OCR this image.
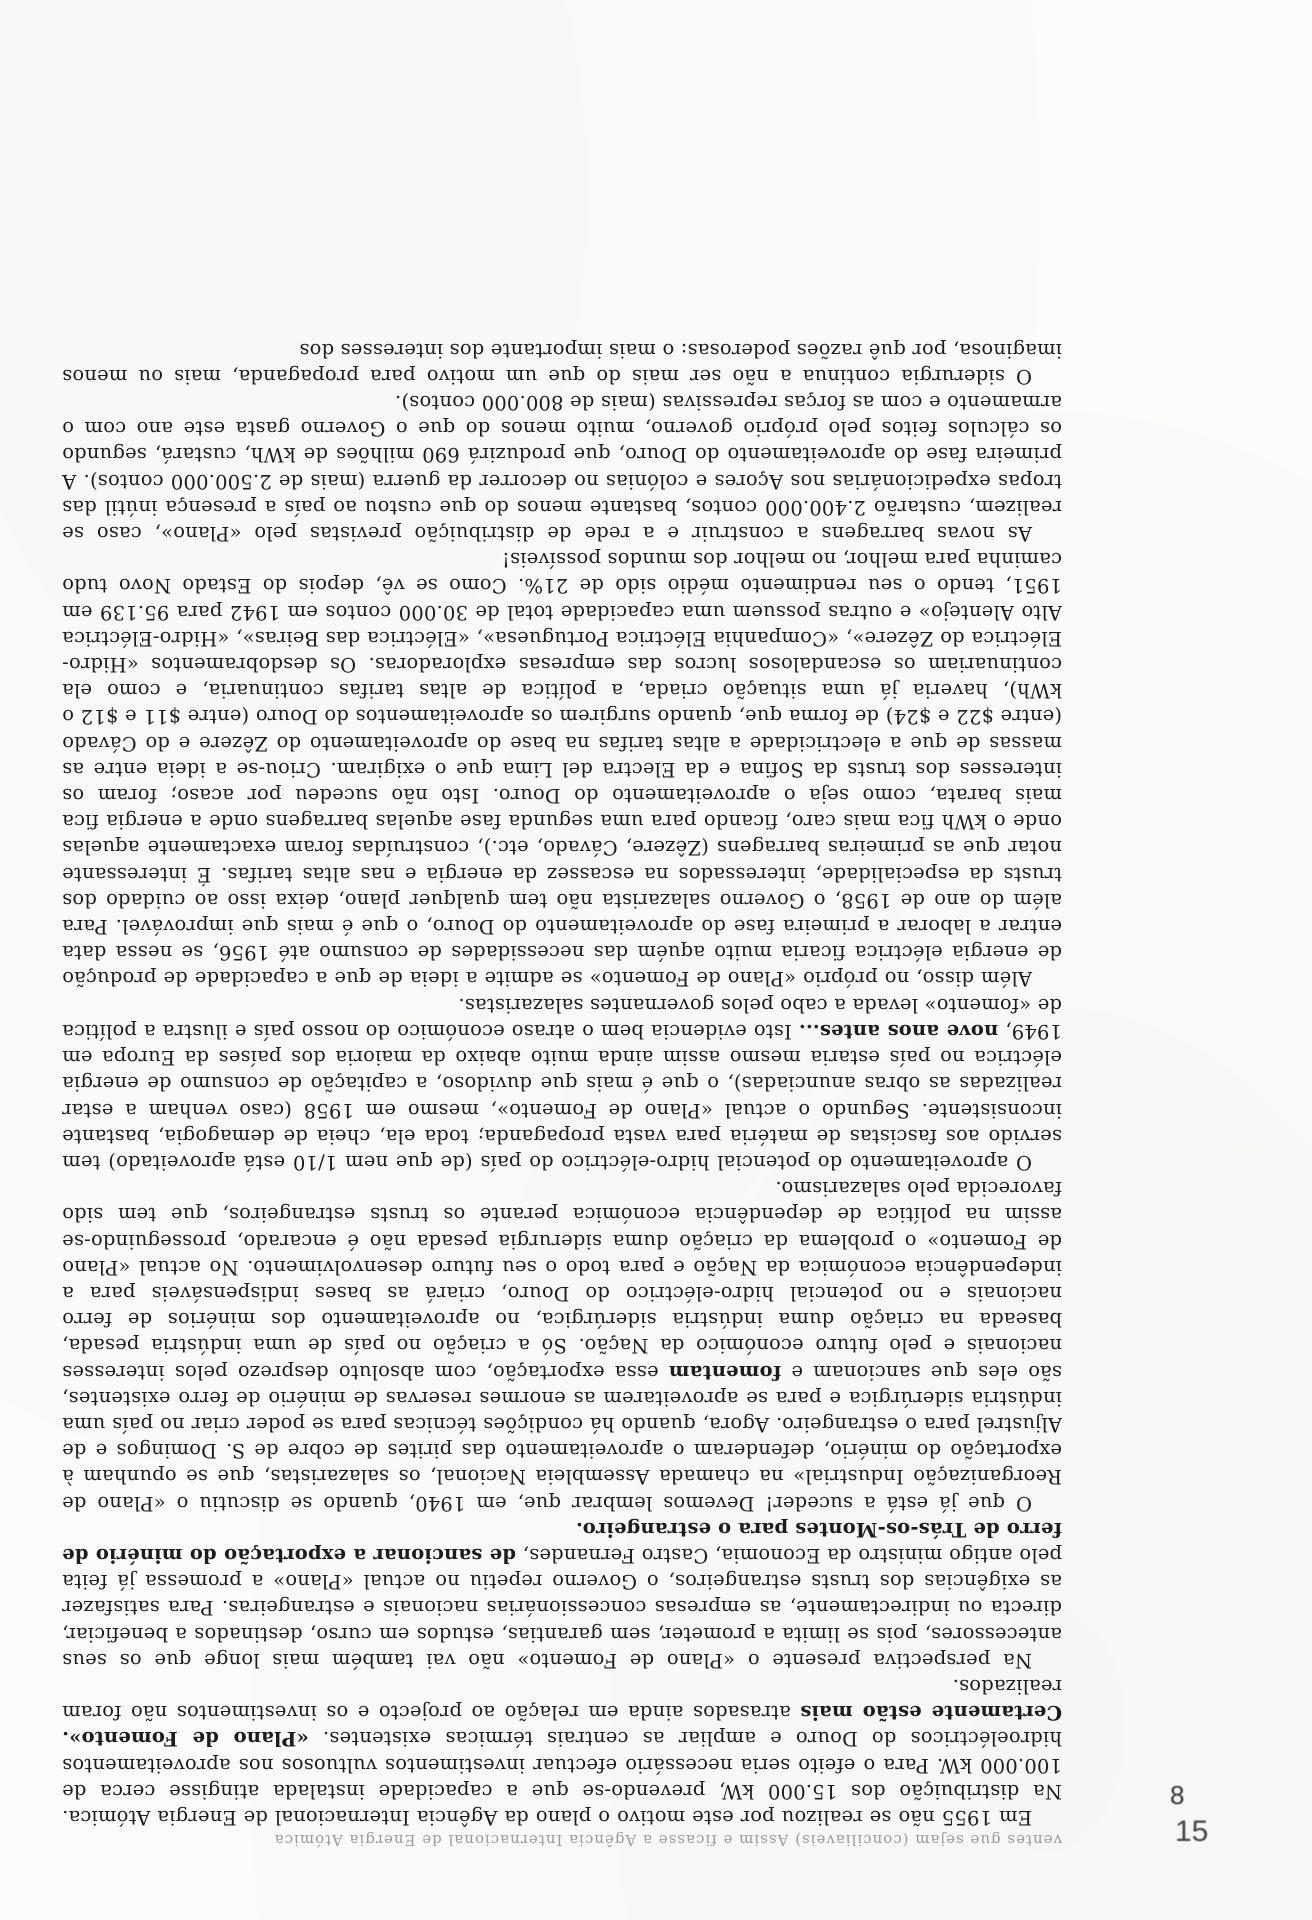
ventes gue sejam (conciliaveis) Assim e ficasse a Agência Internacional de Energia Atómica

Em 1955 não se realizou por este motivo o plano da Agência Internacional de Energia Atómica. Na distribuição dos 15.000 kW, prevendo-se que a capacidade instalada atingisse cerca de 100.000 kW. Para o efeito seria necessário efectuar investimentos vultuosos nos aproveitamentos hidroeléctricos do Douro e ampliar as centrais térmicas existentes. «Plano de Fomento». Certamente estão mais atrasados ainda em relação ao projecto e os investimentos não foram realizados.

Na perspectiva presente o «Plano de Fomento» não vai também mais longe que os seus antecessores, pois se limita a prometer, sem garantias, estudos em curso, destinados a beneficiar, directa ou indirectamente, as empresas concessionárias nacionais e estrangeiras. Para satisfazer as exigências dos trusts estrangeiros, o Governo repetiu no actual «Plano» a promessa já feita pelo antigo ministro da Economia, Castro Fernandes, de sancionar a exportação do minério de ferro de Trás-os-Montes para o estrangeiro.

O que já está a suceder! Devemos lembrar que, em 1940, quando se discutiu o «Plano de Reorganização Industrial» na chamada Assembleia Nacional, os salazaristas, que se opunham à exportação do minério, defenderam o aproveitamento das pirites de cobre de S. Domingos e de Aljustrel para o estrangeiro. Agora, quando há condições técnicas para se poder criar no país uma indústria siderúrgica e para se aproveitarem as enormes reservas de minério de ferro existentes, são eles que sancionam e fomentam essa exportação, com absoluto desprezo pelos interesses nacionais e pelo futuro económico da Nação. Só a criação no país de uma indústria pesada, baseada na criação duma indústria siderúrgica, no aproveitamento dos minérios de ferro nacionais e no potencial hidro-eléctrico do Douro, criará as bases indispensáveis para a independência económica da Nação e para todo o seu futuro desenvolvimento. No actual «Plano de Fomento» o problema da criação duma siderurgia pesada não é encarado, prosseguindo-se assim na política de dependência económica perante os trusts estrangeiros, que tem sido favorecida pelo salazarismo.

O aproveitamento do potencial hidro-eléctrico do país (de que nem 1/10 está aproveitado) tem servido aos fascistas de matéria para vasta propaganda; toda ela, cheia de demagogia, bastante inconsistente. Segundo o actual «Plano de Fomento», mesmo em 1958 (caso venham a estar realizadas as obras anunciadas), o que é mais que duvidoso, a capitação de consumo de energia eléctrica no país estaria mesmo assim ainda muito abaixo da maioria dos países da Europa em 1949, nove anos antes... Isto evidencia bem o atraso económico do nosso país e ilustra a política de «fomento» levada a cabo pelos governantes salazaristas.

Além disso, no próprio «Plano de Fomento» se admite a ideia de que a capacidade de produção de energia eléctrica ficaria muito aquém das necessidades de consumo até 1956, se nessa data entrar a laborar a primeira fase do aproveitamento do Douro, o que é mais que improvável. Para além do ano de 1958, o Governo salazarista não tem qualquer plano, deixa isso ao cuidado dos trusts da especialidade, interessados na escassez da energia e nas altas tarifas. É interessante notar que as primeiras barragens (Zêzere, Cávado, etc.), construídas foram exactamente aquelas onde o kWh fica mais caro, ficando para uma segunda fase aquelas barragens onde a energia fica mais barata, como seja o aproveitamento do Douro. Isto não sucedeu por acaso; foram os interesses dos trusts da Sofina e da Electra del Lima que o exigiram. Criou-se a ideia entre as massas de que a electricidade a altas tarifas na base do aproveitamento do Zêzere e do Cávado (entre $22 e $24) de forma que, quando surgirem os aproveitamentos do Douro (entre $11 e $12 o kWh), haveria já uma situação criada, a política de altas tarifas continuaria, e como ela continuariam os escandalosos lucros das empresas exploradoras. Os desdobramentos «Hidro-Eléctrica do Zêzere», «Companhia Eléctrica Portuguesa», «Eléctrica das Beiras», «Hidro-Eléctrica Alto Alentejo» e outras possuem uma capacidade total de 30.000 contos em 1942 para 95.139 em 1951, tendo o seu rendimento médio sido de 21%. Como se vê, depois do Estado Novo tudo caminha para melhor, no melhor dos mundos possíveis!

As novas barragens a construir e a rede de distribuição previstas pelo «Plano», caso se realizem, custarão 2.400.000 contos, bastante menos do que custou ao país a presença inútil das tropas expedicionárias nos Açores e colónias no decorrer da guerra (mais de 2.500.000 contos). A primeira fase do aproveitamento do Douro, que produzirá 690 milhões de kWh, custará, segundo os cálculos feitos pelo próprio governo, muito menos do que o Governo gasta este ano com o armamento e com as forças repressivas (mais de 800.000 contos).

O siderurgia continua a não ser mais do que um motivo para propaganda, mais ou menos imaginosa, por quê razões poderosas: o mais importante dos interesses dos

8
15
